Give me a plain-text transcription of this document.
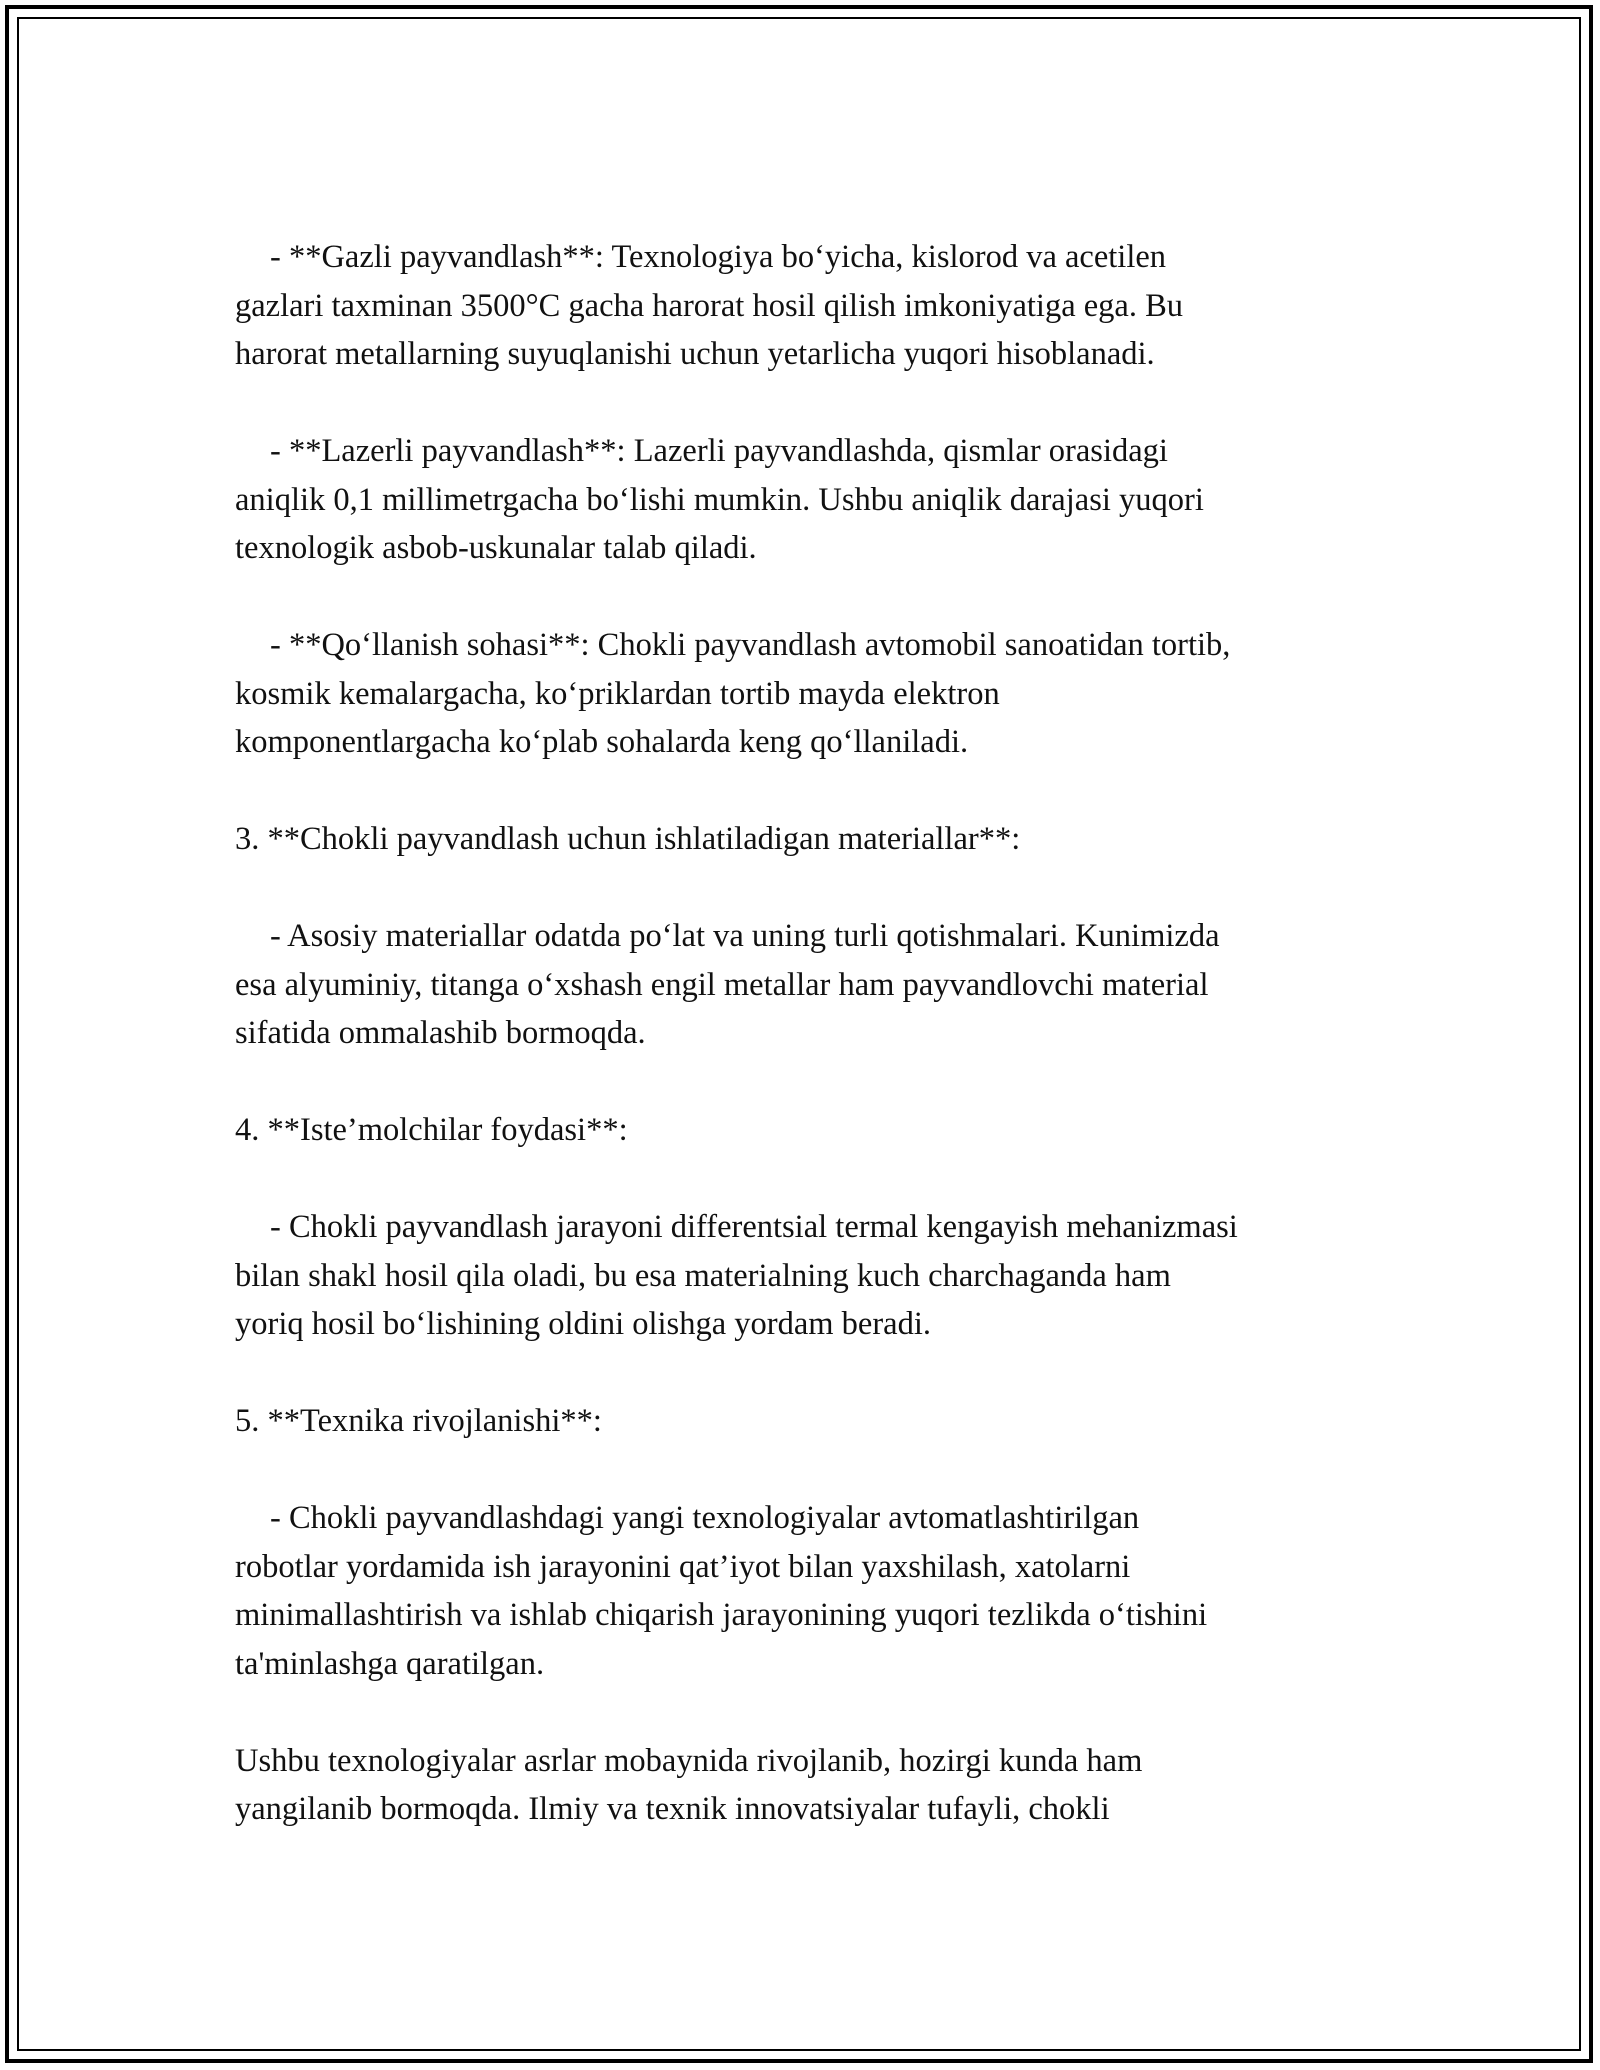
- **Gazli payvandlash**: Texnologiya bo‘yicha, kislorod va acetilen
gazlari taxminan 3500°C gacha harorat hosil qilish imkoniyatiga ega. Bu
harorat metallarning suyuqlanishi uchun yetarlicha yuqori hisoblanadi.
- **Lazerli payvandlash**: Lazerli payvandlashda, qismlar orasidagi
aniqlik 0,1 millimetrgacha bo‘lishi mumkin. Ushbu aniqlik darajasi yuqori
texnologik asbob-uskunalar talab qiladi.
- **Qo‘llanish sohasi**: Chokli payvandlash avtomobil sanoatidan tortib,
kosmik kemalargacha, ko‘priklardan tortib mayda elektron
komponentlargacha ko‘plab sohalarda keng qo‘llaniladi.
3. **Chokli payvandlash uchun ishlatiladigan materiallar**:
- Asosiy materiallar odatda po‘lat va uning turli qotishmalari. Kunimizda
esa alyuminiy, titanga o‘xshash engil metallar ham payvandlovchi material
sifatida ommalashib bormoqda.
4. **Iste’molchilar foydasi**:
- Chokli payvandlash jarayoni differentsial termal kengayish mehanizmasi
bilan shakl hosil qila oladi, bu esa materialning kuch charchaganda ham
yoriq hosil bo‘lishining oldini olishga yordam beradi.
5. **Texnika rivojlanishi**:
- Chokli payvandlashdagi yangi texnologiyalar avtomatlashtirilgan
robotlar yordamida ish jarayonini qat’iyot bilan yaxshilash, xatolarni
minimallashtirish va ishlab chiqarish jarayonining yuqori tezlikda o‘tishini
ta'minlashga qaratilgan.
Ushbu texnologiyalar asrlar mobaynida rivojlanib, hozirgi kunda ham
yangilanib bormoqda. Ilmiy va texnik innovatsiyalar tufayli, chokli
